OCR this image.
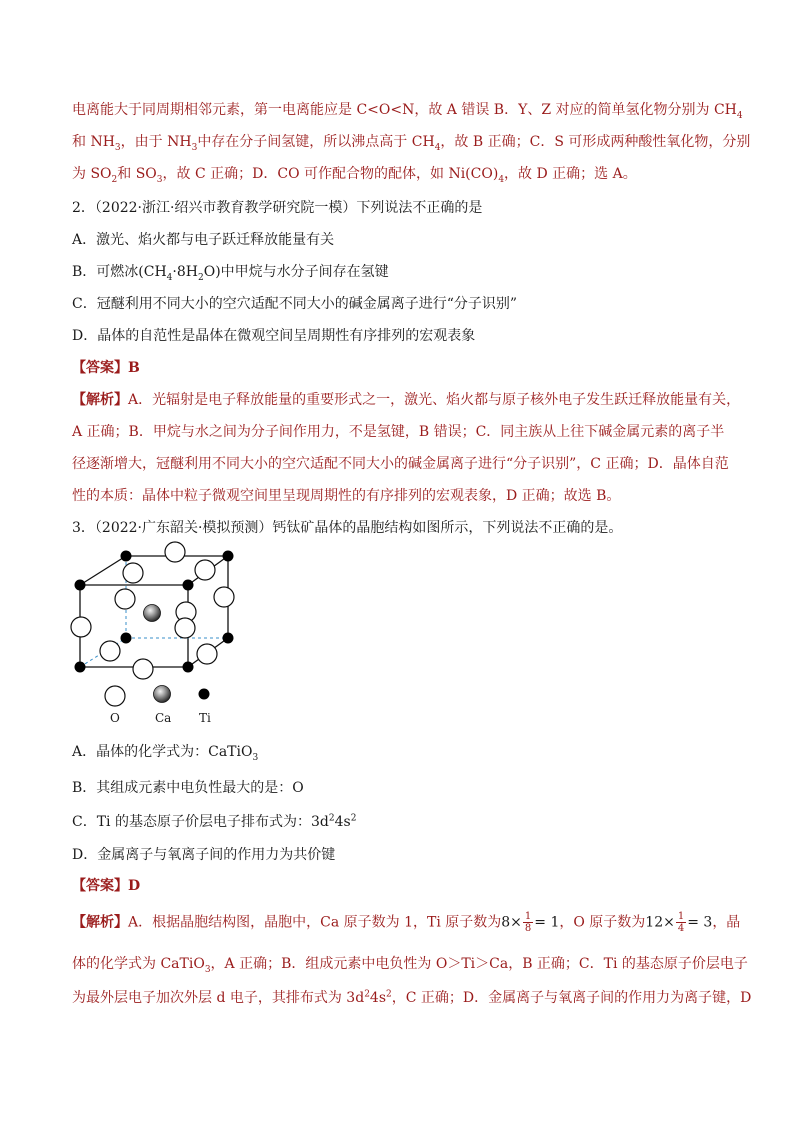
电离能大于同周期相邻元素，第一电离能应是 C<O<N，故 A 错误 B．Y、Z 对应的简单氢化物分别为 $CH_4$
和 $NH_3$，由于 $NH_3$中存在分子间氢键，所以沸点高于 $CH_4$，故 B 正确；C．S 可形成两种酸性氧化物，分别
为 $SO_2$和 $SO_3$，故 C 正确；D．CO 可作配合物的配体，如 $Ni(CO)_4$，故 D 正确；选 A。
2．（2022·浙江·绍兴市教育教学研究院一模）下列说法不正确的是
A．激光、焰火都与电子跃迁释放能量有关
B．可燃冰$(CH_4\cdot 8H_2O)$中甲烷与水分子间存在氢键
C．冠醚利用不同大小的空穴适配不同大小的碱金属离子进行“分子识别”
D．晶体的自范性是晶体在微观空间呈周期性有序排列的宏观表象
【答案】B
【解析】A．光辐射是电子释放能量的重要形式之一，激光、焰火都与原子核外电子发生跃迁释放能量有关，
A 正确；B．甲烷与水之间为分子间作用力，不是氢键，B 错误；C．同主族从上往下碱金属元素的离子半
径逐渐增大，冠醚利用不同大小的空穴适配不同大小的碱金属离子进行“分子识别”，C 正确；D．晶体自范
性的本质：晶体中粒子微观空间里呈现周期性的有序排列的宏观表象，D 正确；故选 B。
3．（2022·广东韶关·模拟预测）钙钛矿晶体的晶胞结构如图所示，下列说法不正确的是。
O	Ca Ti
A．晶体的化学式为：CaTiO$_3$
B．其组成元素中电负性最大的是：O
C．Ti 的基态原子价层电子排布式为：$3d^24s^2$
D．金属离子与氧离子间的作用力为共价键
【答案】D
【解析】A．根据晶胞结构图，晶胞中，Ca 原子数为 1，Ti 原子数为$8\times \frac{1}{8} = 1$，O 原子数为$12\times \frac{1}{4} = 3$，晶
体的化学式为 CaTiO$_3$，A 正确；B．组成元素中电负性为 O＞Ti＞Ca，B 正确；C．Ti 的基态原子价层电子
为最外层电子加次外层 d 电子，其排布式为 $3d^24s^2$，C 正确；D．金属离子与氧离子间的作用力为离子键，D
